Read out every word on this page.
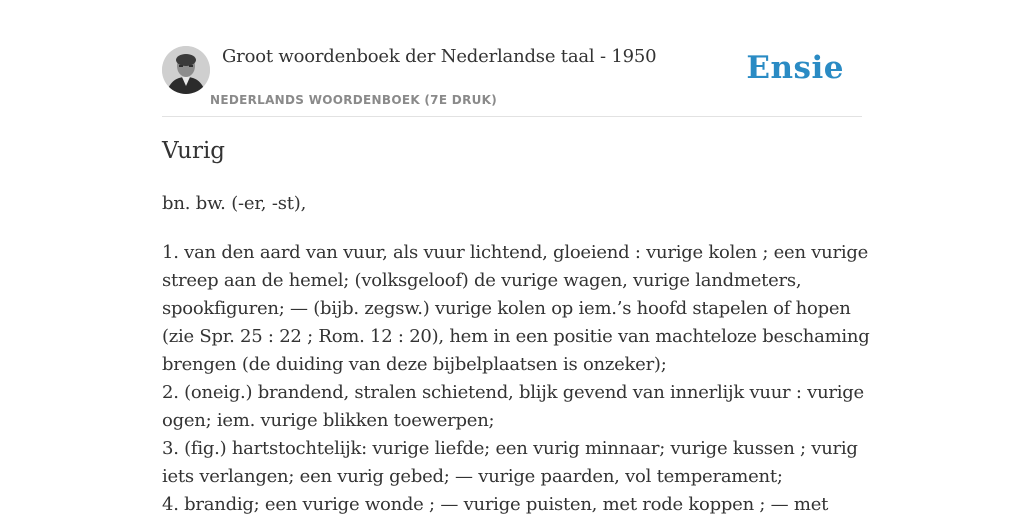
Groot woordenboek der Nederlandse taal - 1950
NEDERLANDS WOORDENBOEK (7E DRUK)
Ensie
Vurig
bn. bw. (-er, -st),
1. van den aard van vuur, als vuur lichtend, gloeiend : vurige kolen ; een vurige
streep aan de hemel; (volksgeloof) de vurige wagen, vurige landmeters,
spookfiguren; — (bijb. zegsw.) vurige kolen op iem.’s hoofd stapelen of hopen
(zie Spr. 25 : 22 ; Rom. 12 : 20), hem in een positie van machteloze beschaming
brengen (de duiding van deze bijbelplaatsen is onzeker);
2. (oneig.) brandend, stralen schietend, blijk gevend van innerlijk vuur : vurige
ogen; iem. vurige blikken toewerpen;
3. (fig.) hartstochtelijk: vurige liefde; een vurig minnaar; vurige kussen ; vurig
iets verlangen; een vurig gebed; — vurige paarden, vol temperament;
4. brandig; een vurige wonde ; — vurige puisten, met rode koppen ; — met
